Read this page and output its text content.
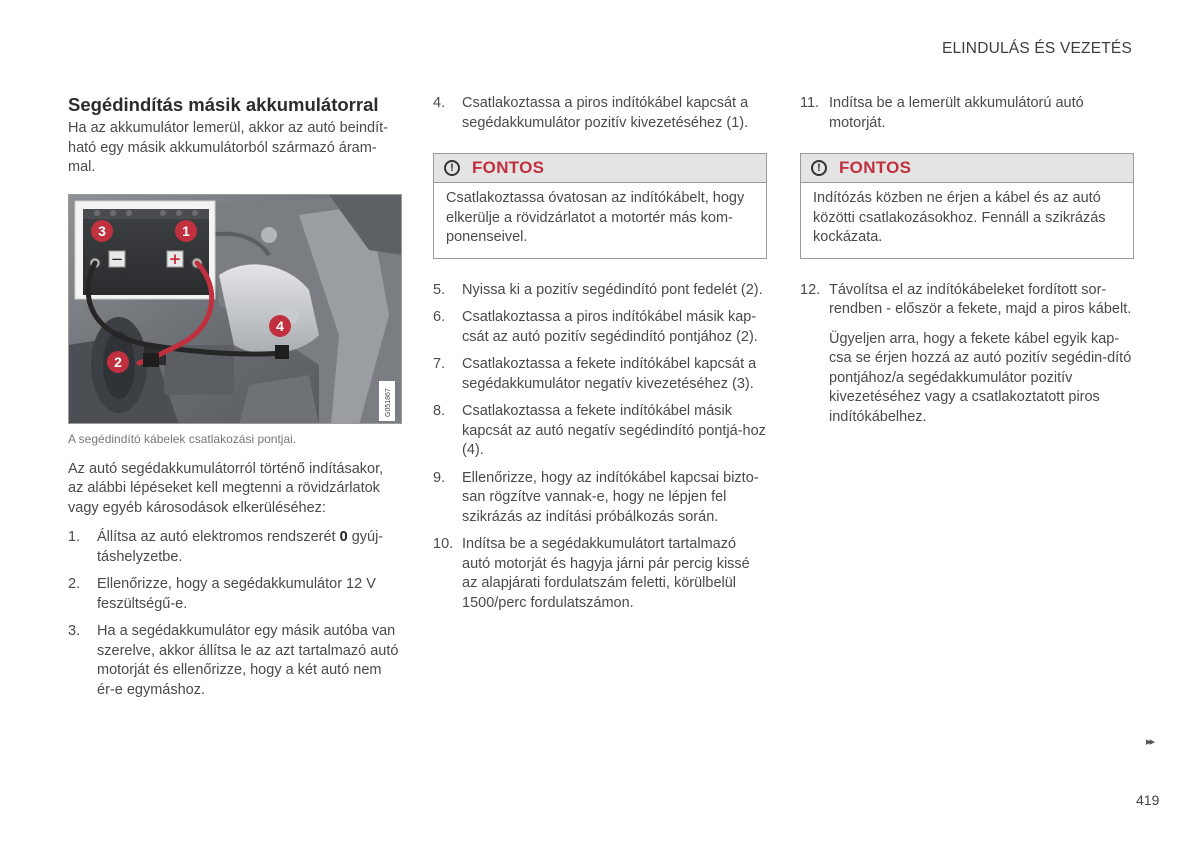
ELINDULÁS ÉS VEZETÉS
Segédindítás másik akkumulátorral

Ha az akkumulátor lemerül, akkor az autó beindít-ható egy másik akkumulátorból származó áram-mal.

−	+
3	1
4
2
G051867

A segédindító kábelek csatlakozási pontjai.

Az autó segédakkumulátorról történő indításakor, az alábbi lépéseket kell megtenni a rövidzárlatok vagy egyéb károsodások elkerüléséhez:

1. Állítsa az autó elektromos rendszerét 0 gyúj-táshelyzetbe.
2. Ellenőrizze, hogy a segédakkumulátor 12 V feszültségű-e.
3. Ha a segédakkumulátor egy másik autóba van szerelve, akkor állítsa le az azt tartalmazó autó motorját és ellenőrizze, hogy a két autó nem ér-e egymáshoz.
4. Csatlakoztassa a piros indítókábel kapcsát a segédakkumulátor pozitív kivezetéséhez (1).
!	FONTOS
Csatlakoztassa óvatosan az indítókábelt, hogy elkerülje a rövidzárlatot a motortér más kom-ponenseivel.
5. Nyissa ki a pozitív segédindító pont fedelét (2).
6. Csatlakoztassa a piros indítókábel másik kap-csát az autó pozitív segédindító pontjához (2).
7. Csatlakoztassa a fekete indítókábel kapcsát a segédakkumulátor negatív kivezetéséhez (3).
8. Csatlakoztassa a fekete indítókábel másik kapcsát az autó negatív segédindító pontjá-hoz (4).
9. Ellenőrizze, hogy az indítókábel kapcsai bizto-san rögzítve vannak-e, hogy ne lépjen fel szikrázás az indítási próbálkozás során.
10. Indítsa be a segédakkumulátort tartalmazó autó motorját és hagyja járni pár percig kissé az alapjárati fordulatszám feletti, körülbelül 1500/perc fordulatszámon.
11. Indítsa be a lemerült akkumulátorú autó motorját.
!	FONTOS
Indítózás közben ne érjen a kábel és az autó közötti csatlakozásokhoz. Fennáll a szikrázás kockázata.
12. Távolítsa el az indítókábeleket fordított sor-rendben - először a fekete, majd a piros kábelt.
Ügyeljen arra, hogy a fekete kábel egyik kap-csa se érjen hozzá az autó pozitív segédin-dító pontjához/a segédakkumulátor pozitív kivezetéséhez vagy a csatlakoztatott piros indítókábelhez.
▸▸
419
